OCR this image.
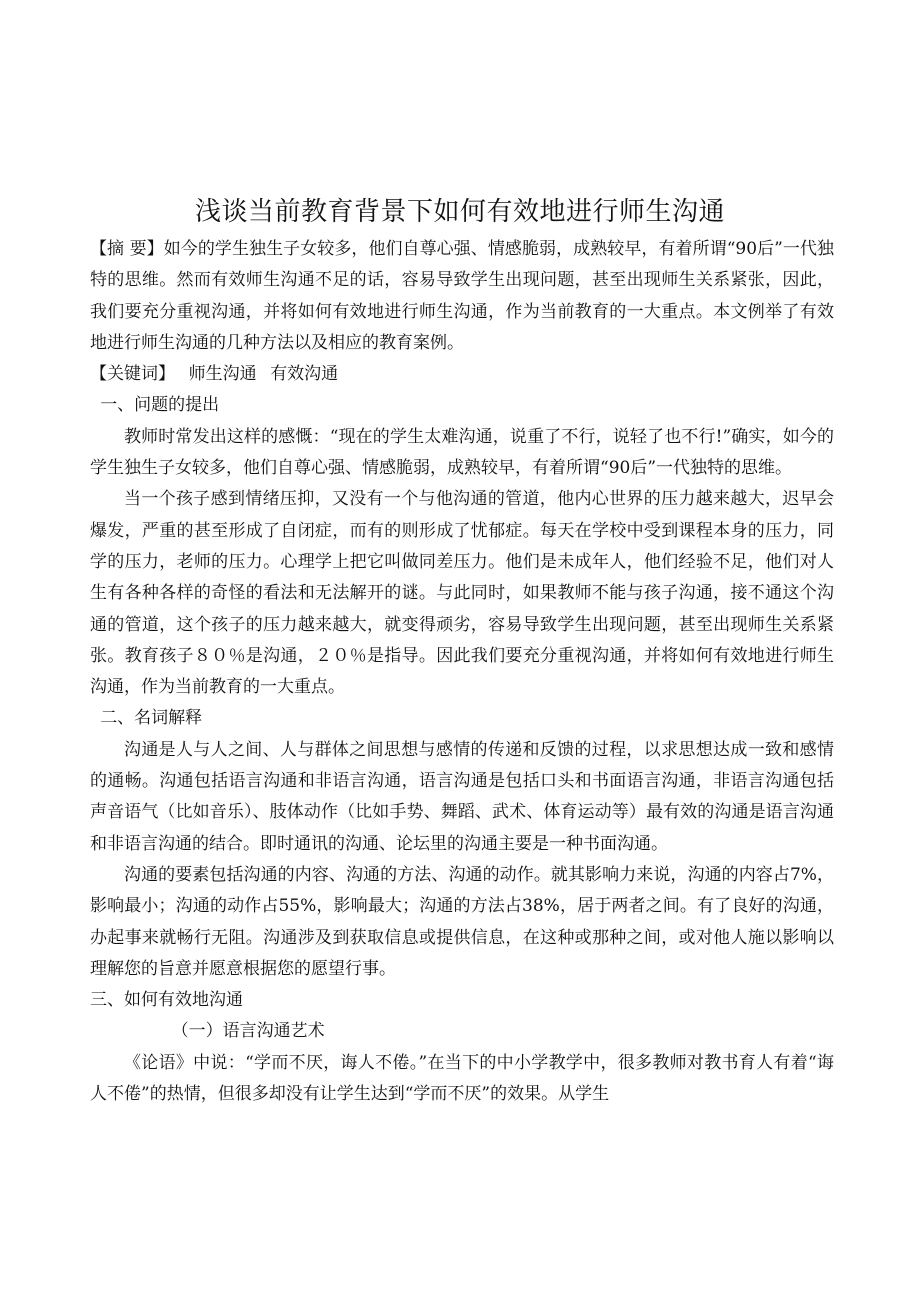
浅谈当前教育背景下如何有效地进行师生沟通

【摘 要】如今的学生独生子女较多，他们自尊心强、情感脆弱，成熟较早，有着所谓“90后”一代独特的思维。然而有效师生沟通不足的话，容易导致学生出现问题，甚至出现师生关系紧张，因此，我们要充分重视沟通，并将如何有效地进行师生沟通，作为当前教育的一大重点。本文例举了有效地进行师生沟通的几种方法以及相应的教育案例。

【关键词】 师生沟通 有效沟通

一、问题的提出

教师时常发出这样的感慨：“现在的学生太难沟通，说重了不行，说轻了也不行!”确实，如今的学生独生子女较多，他们自尊心强、情感脆弱，成熟较早，有着所谓“90后”一代独特的思维。

当一个孩子感到情绪压抑，又没有一个与他沟通的管道，他内心世界的压力越来越大，迟早会爆发，严重的甚至形成了自闭症，而有的则形成了忧郁症。每天在学校中受到课程本身的压力，同学的压力，老师的压力。心理学上把它叫做同差压力。他们是未成年人，他们经验不足，他们对人生有各种各样的奇怪的看法和无法解开的谜。与此同时，如果教师不能与孩子沟通，接不通这个沟通的管道，这个孩子的压力越来越大，就变得顽劣，容易导致学生出现问题，甚至出现师生关系紧张。教育孩子８０％是沟通，２０％是指导。因此我们要充分重视沟通，并将如何有效地进行师生沟通，作为当前教育的一大重点。

二、名词解释

沟通是人与人之间、人与群体之间思想与感情的传递和反馈的过程，以求思想达成一致和感情的通畅。沟通包括语言沟通和非语言沟通，语言沟通是包括口头和书面语言沟通，非语言沟通包括声音语气（比如音乐）、肢体动作（比如手势、舞蹈、武术、体育运动等）最有效的沟通是语言沟通和非语言沟通的结合。即时通讯的沟通、论坛里的沟通主要是一种书面沟通。

沟通的要素包括沟通的内容、沟通的方法、沟通的动作。就其影响力来说，沟通的内容占7%，影响最小；沟通的动作占55%，影响最大；沟通的方法占38%，居于两者之间。有了良好的沟通，办起事来就畅行无阻。沟通涉及到获取信息或提供信息，在这种或那种之间，或对他人施以影响以理解您的旨意并愿意根据您的愿望行事。

三、如何有效地沟通

（一）语言沟通艺术

《论语》中说：“学而不厌，诲人不倦。”在当下的中小学教学中，很多教师对教书育人有着“诲人不倦”的热情，但很多却没有让学生达到“学而不厌”的效果。从学生
